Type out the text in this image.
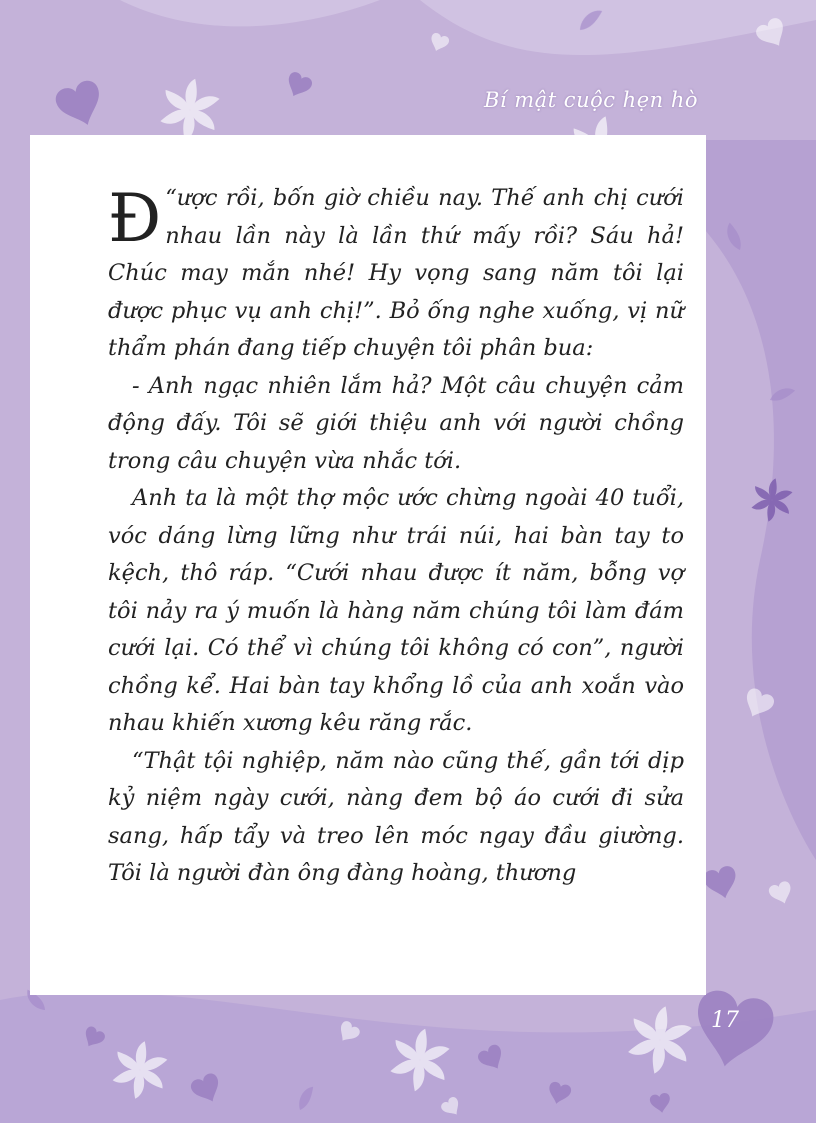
Bí mật cuộc hẹn hò

“
Đ ược rồi, bốn giờ chiều nay. Thế anh chị cưới nhau lần này là lần thứ mấy rồi? Sáu hả! Chúc may mắn nhé! Hy vọng sang năm tôi lại được phục vụ anh chị!”. Bỏ ống nghe xuống, vị nữ thẩm phán đang tiếp chuyện tôi phân bua:

- Anh ngạc nhiên lắm hả? Một câu chuyện cảm động đấy. Tôi sẽ giới thiệu anh với người chồng trong câu chuyện vừa nhắc tới.

Anh ta là một thợ mộc ước chừng ngoài 40 tuổi, vóc dáng lừng lững như trái núi, hai bàn tay to kệch, thô ráp. “Cưới nhau được ít năm, bỗng vợ tôi nảy ra ý muốn là hàng năm chúng tôi làm đám cưới lại. Có thể vì chúng tôi không có con”, người chồng kể. Hai bàn tay khổng lồ của anh xoắn vào nhau khiến xương kêu răng rắc.

“Thật tội nghiệp, năm nào cũng thế, gần tới dịp kỷ niệm ngày cưới, nàng đem bộ áo cưới đi sửa sang, hấp tẩy và treo lên móc ngay đầu giường. Tôi là người đàn ông đàng hoàng, thương

17
